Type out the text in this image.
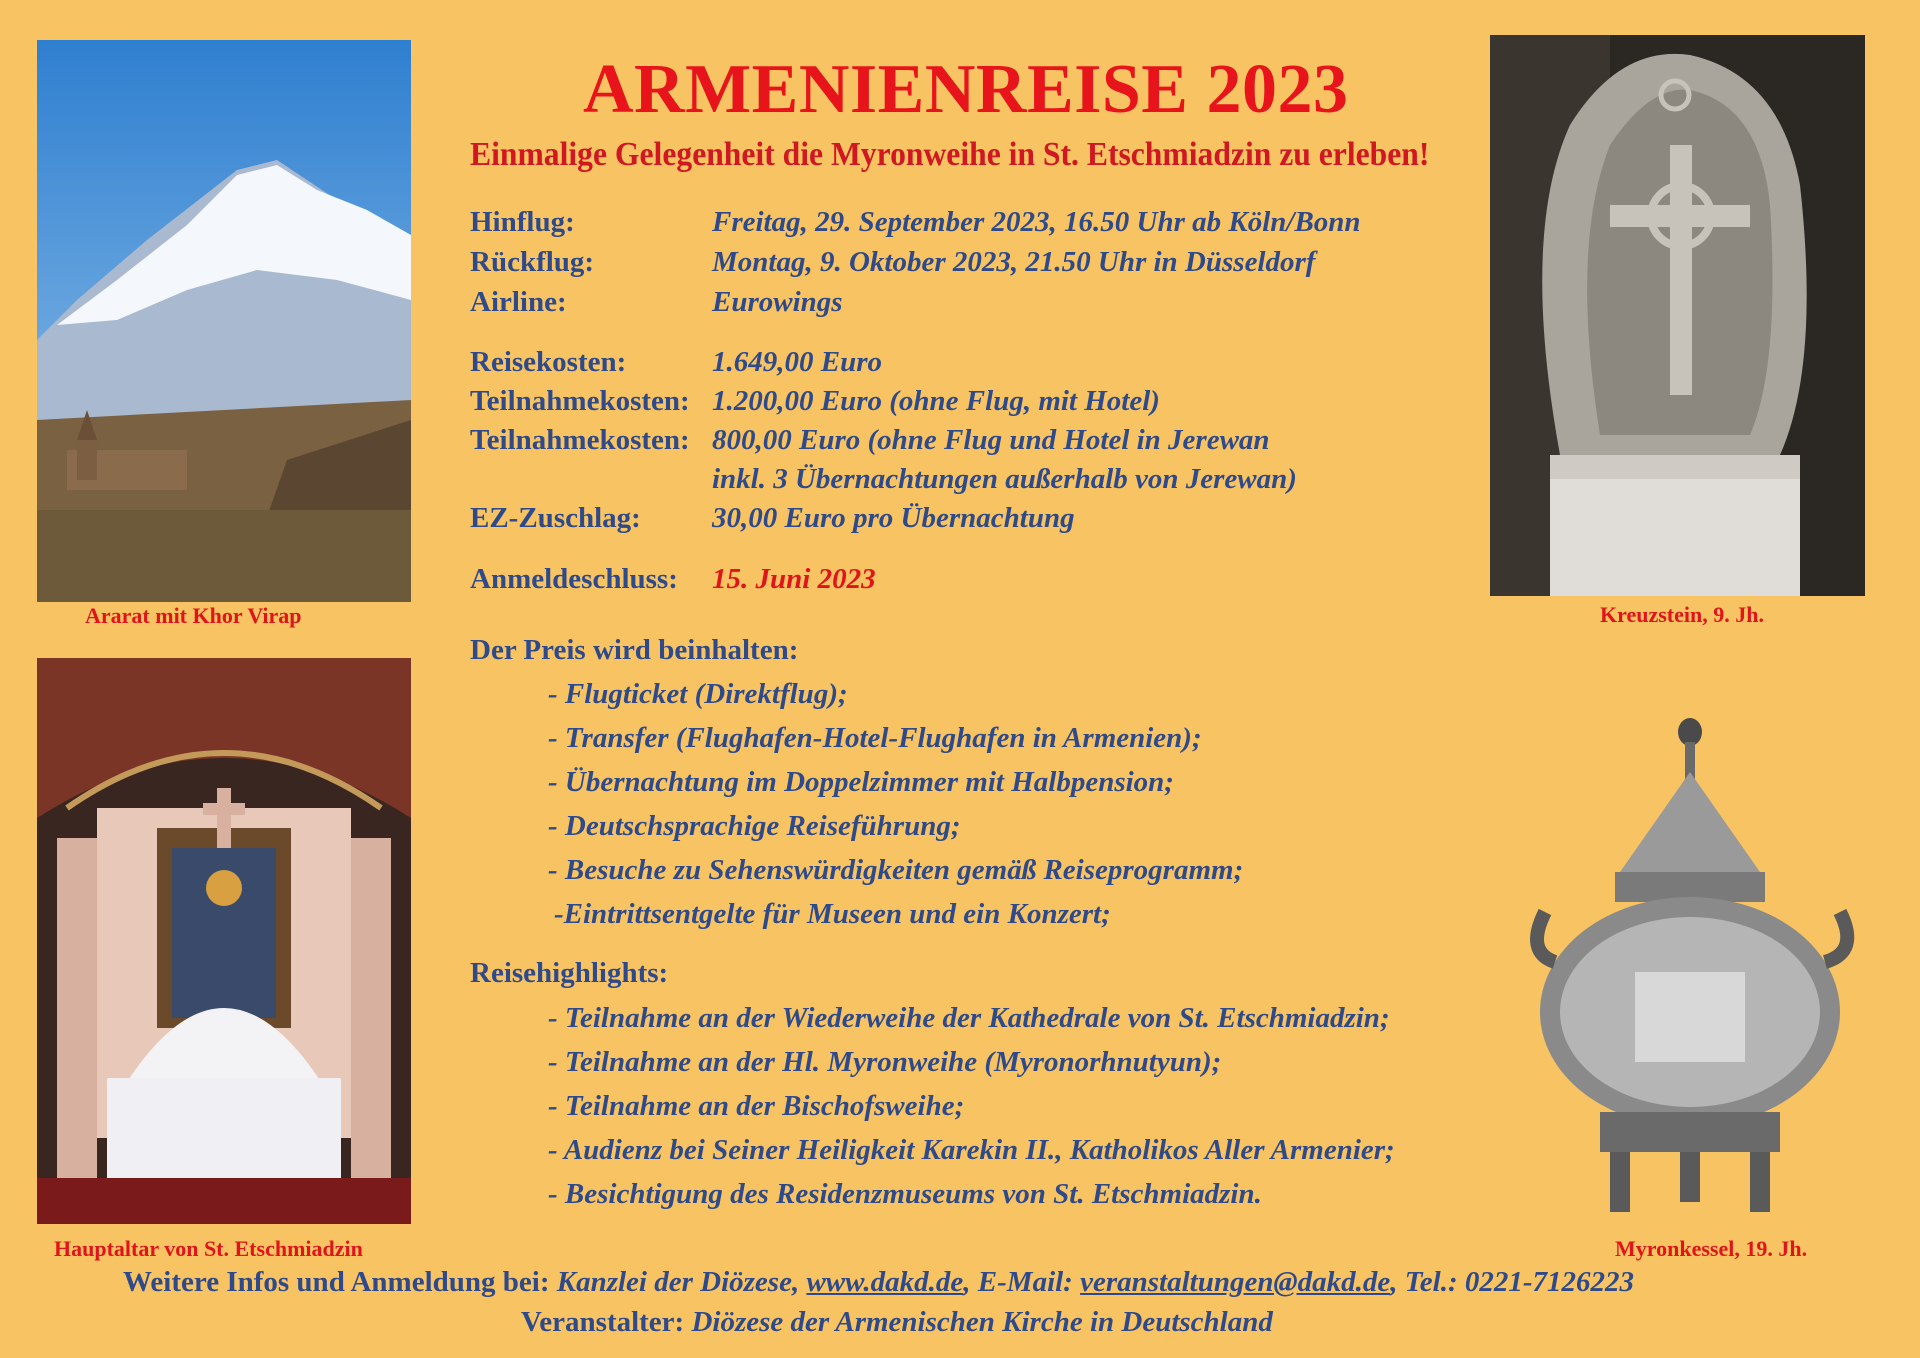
Ararat mit Khor Virap
Hauptaltar von St. Etschmiadzin
Kreuzstein, 9. Jh.
Myronkessel, 19. Jh.
ARMENIENREISE 2023
Einmalige Gelegenheit die Myronweihe in St. Etschmiadzin zu erleben!
Hinflug:	Freitag, 29. September 2023, 16.50 Uhr ab Köln/Bonn
Rückflug:	Montag, 9. Oktober 2023, 21.50 Uhr in Düsseldorf
Airline:	Eurowings
Reisekosten:	1.649,00 Euro
Teilnahmekosten: 1.200,00 Euro (ohne Flug, mit Hotel)
Teilnahmekosten: 800,00 Euro (ohne Flug und Hotel in Jerewan
inkl. 3 Übernachtungen außerhalb von Jerewan)
EZ-Zuschlag: 30,00 Euro pro Übernachtung
Anmeldeschluss: 15. Juni 2023
Der Preis wird beinhalten:
- Flugticket (Direktflug);
- Transfer (Flughafen-Hotel-Flughafen in Armenien);
- Übernachtung im Doppelzimmer mit Halbpension;
- Deutschsprachige Reiseführung;
- Besuche zu Sehenswürdigkeiten gemäß Reiseprogramm;
-Eintrittsentgelte für Museen und ein Konzert;
Reisehighlights:
- Teilnahme an der Wiederweihe der Kathedrale von St. Etschmiadzin;
- Teilnahme an der Hl. Myronweihe (Myronorhnutyun);
- Teilnahme an der Bischofsweihe;
- Audienz bei Seiner Heiligkeit Karekin II., Katholikos Aller Armenier;
- Besichtigung des Residenzmuseums von St. Etschmiadzin.
Weitere Infos und Anmeldung bei: Kanzlei der Diözese, www.dakd.de, E-Mail: veranstaltungen@dakd.de, Tel.: 0221-7126223
Veranstalter: Diözese der Armenischen Kirche in Deutschland
